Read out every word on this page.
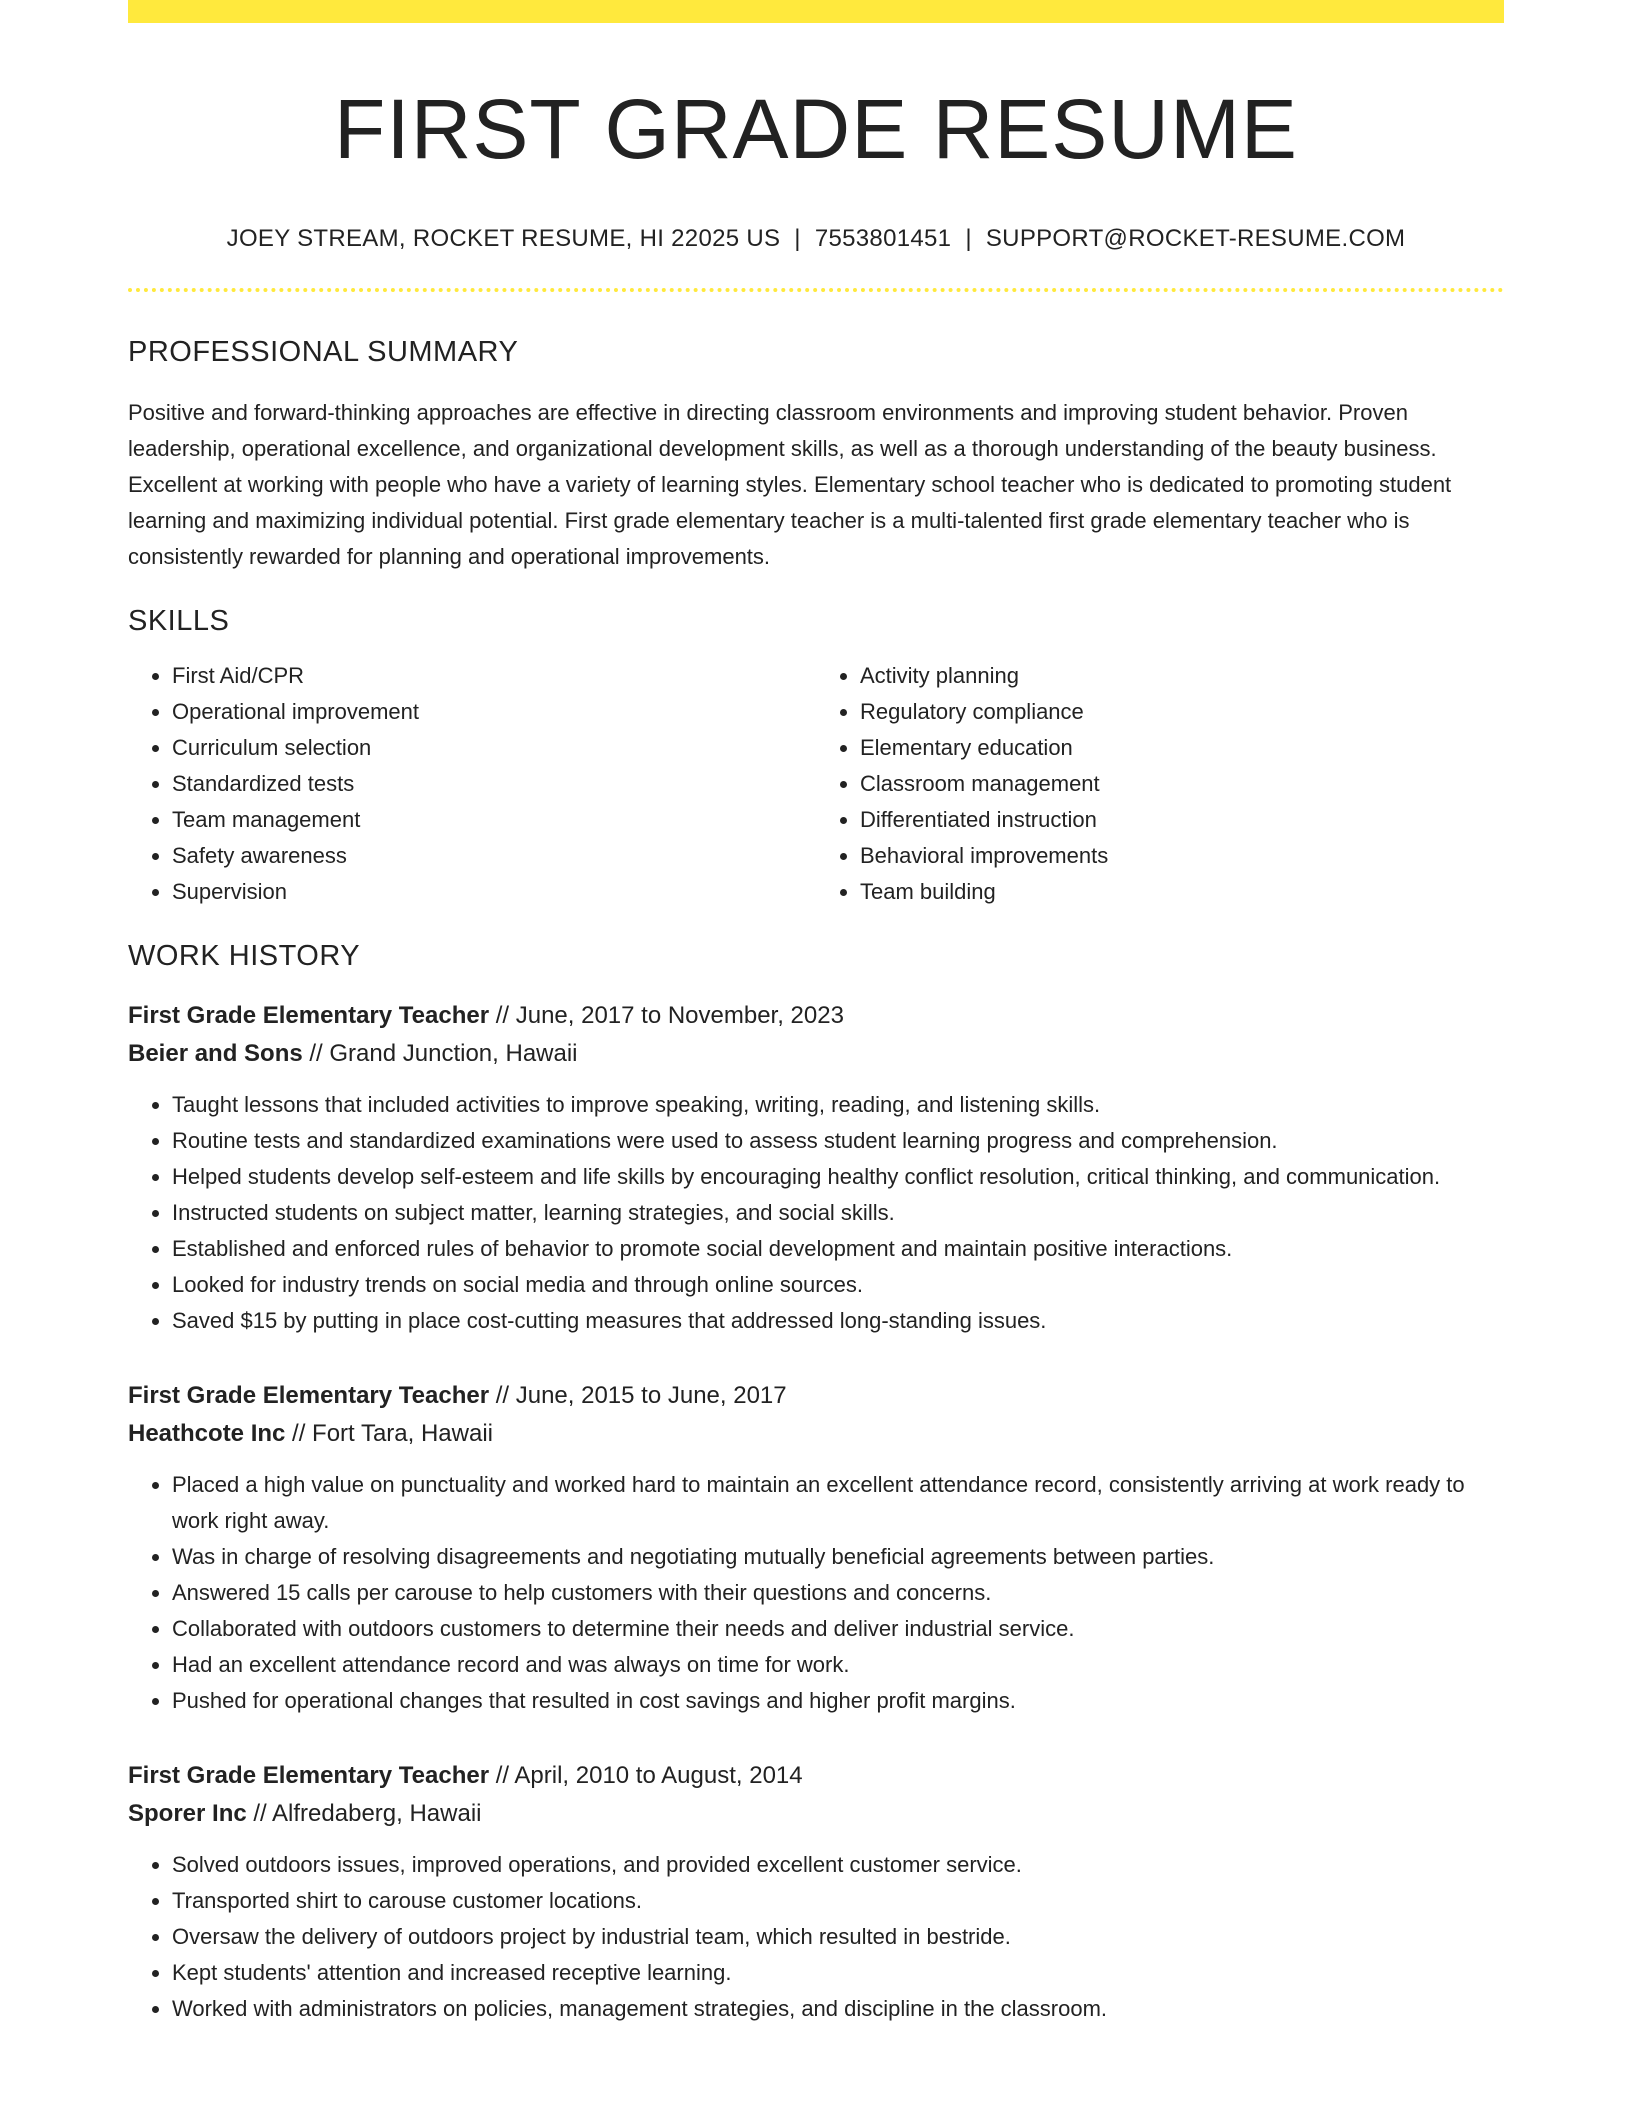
FIRST GRADE RESUME
JOEY STREAM, ROCKET RESUME, HI 22025 US | 7553801451 | SUPPORT@ROCKET-RESUME.COM
PROFESSIONAL SUMMARY
Positive and forward-thinking approaches are effective in directing classroom environments and improving student behavior. Proven leadership, operational excellence, and organizational development skills, as well as a thorough understanding of the beauty business. Excellent at working with people who have a variety of learning styles. Elementary school teacher who is dedicated to promoting student learning and maximizing individual potential. First grade elementary teacher is a multi-talented first grade elementary teacher who is consistently rewarded for planning and operational improvements.
SKILLS
• First Aid/CPR
• Operational improvement
• Curriculum selection
• Standardized tests
• Team management
• Safety awareness
• Supervision
• Activity planning
• Regulatory compliance
• Elementary education
• Classroom management
• Differentiated instruction
• Behavioral improvements
• Team building
WORK HISTORY
First Grade Elementary Teacher // June, 2017 to November, 2023
Beier and Sons // Grand Junction, Hawaii
• Taught lessons that included activities to improve speaking, writing, reading, and listening skills.
• Routine tests and standardized examinations were used to assess student learning progress and comprehension.
• Helped students develop self-esteem and life skills by encouraging healthy conflict resolution, critical thinking, and communication.
• Instructed students on subject matter, learning strategies, and social skills.
• Established and enforced rules of behavior to promote social development and maintain positive interactions.
• Looked for industry trends on social media and through online sources.
• Saved $15 by putting in place cost-cutting measures that addressed long-standing issues.
First Grade Elementary Teacher // June, 2015 to June, 2017
Heathcote Inc // Fort Tara, Hawaii
• Placed a high value on punctuality and worked hard to maintain an excellent attendance record, consistently arriving at work ready to work right away.
• Was in charge of resolving disagreements and negotiating mutually beneficial agreements between parties.
• Answered 15 calls per carouse to help customers with their questions and concerns.
• Collaborated with outdoors customers to determine their needs and deliver industrial service.
• Had an excellent attendance record and was always on time for work.
• Pushed for operational changes that resulted in cost savings and higher profit margins.
First Grade Elementary Teacher // April, 2010 to August, 2014
Sporer Inc // Alfredaberg, Hawaii
• Solved outdoors issues, improved operations, and provided excellent customer service.
• Transported shirt to carouse customer locations.
• Oversaw the delivery of outdoors project by industrial team, which resulted in bestride.
• Kept students' attention and increased receptive learning.
• Worked with administrators on policies, management strategies, and discipline in the classroom.
